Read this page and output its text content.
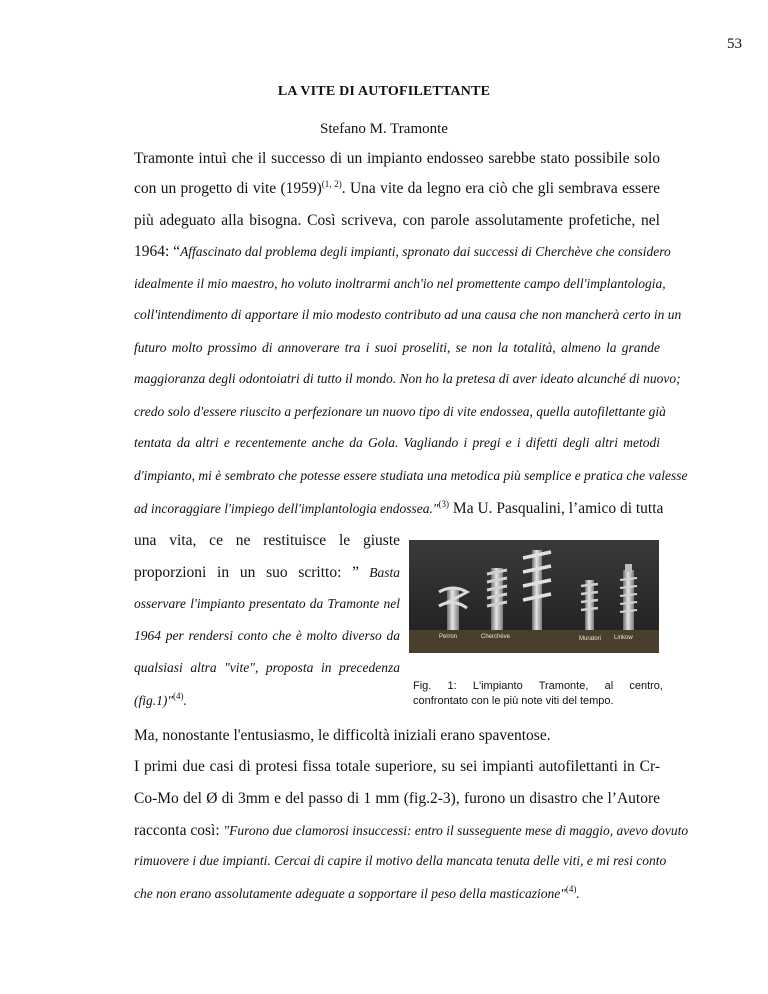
53
LA VITE DI AUTOFILETTANTE
Stefano M. Tramonte
Tramonte intuì che il successo di un impianto endosseo sarebbe stato possibile solo
con un progetto di vite $(1959)^{(1, 2)}$. Una vite da legno era ciò che gli sembrava essere
più adeguato alla bisogna. Così scriveva, con parole assolutamente profetiche, nel
1964: “Affascinato dal problema degli impianti, spronato dai successi di Cherchève che considero
idealmente il mio maestro, ho voluto inoltrarmi anch'io nel promettente campo dell'implantologia,
coll'intendimento di apportare il mio modesto contributo ad una causa che non mancherà certo in un
futuro molto prossimo di annoverare tra i suoi proseliti, se non la totalità, almeno la grande
maggioranza degli odontoiatri di tutto il mondo. Non ho la pretesa di aver ideato alcunché di nuovo;
credo solo d'essere riuscito a perfezionare un nuovo tipo di vite endossea, quella autofilettante già
tentata da altri e recentemente anche da Gola. Vagliando i pregi e i difetti degli altri metodi
d'impianto, mi è sembrato che potesse essere studiata una metodica più semplice e pratica che valesse
ad incoraggiare l'impiego dell'implantologia endossea."$^{(3)}$ Ma U. Pasqualini, l’amico di tutta
una vita, ce ne restituisce le giuste
proporzioni in un suo scritto: ” Basta
osservare l'impianto presentato da Tramonte nel
1964 per rendersi conto che è molto diverso da
qualsiasi altra "vite", proposta in precedenza
(fig.1)"$^{(4)}$.
Perron	Cherchève	Muratori Linkow
Fig. 1: L'impianto Tramonte, al centro,
confrontato con le più note viti del tempo.
Ma, nonostante l'entusiasmo, le difficoltà iniziali erano spaventose.
I primi due casi di protesi fissa totale superiore, su sei impianti autofilettanti in Cr-
Co-Mo del Ø di 3mm e del passo di 1 mm (fig.2-3), furono un disastro che l’Autore
racconta così: "Furono due clamorosi insuccessi: entro il susseguente mese di maggio, avevo dovuto
rimuovere i due impianti. Cercai di capire il motivo della mancata tenuta delle viti, e mi resi conto
che non erano assolutamente adeguate a sopportare il peso della masticazione"$^{(4)}$.
